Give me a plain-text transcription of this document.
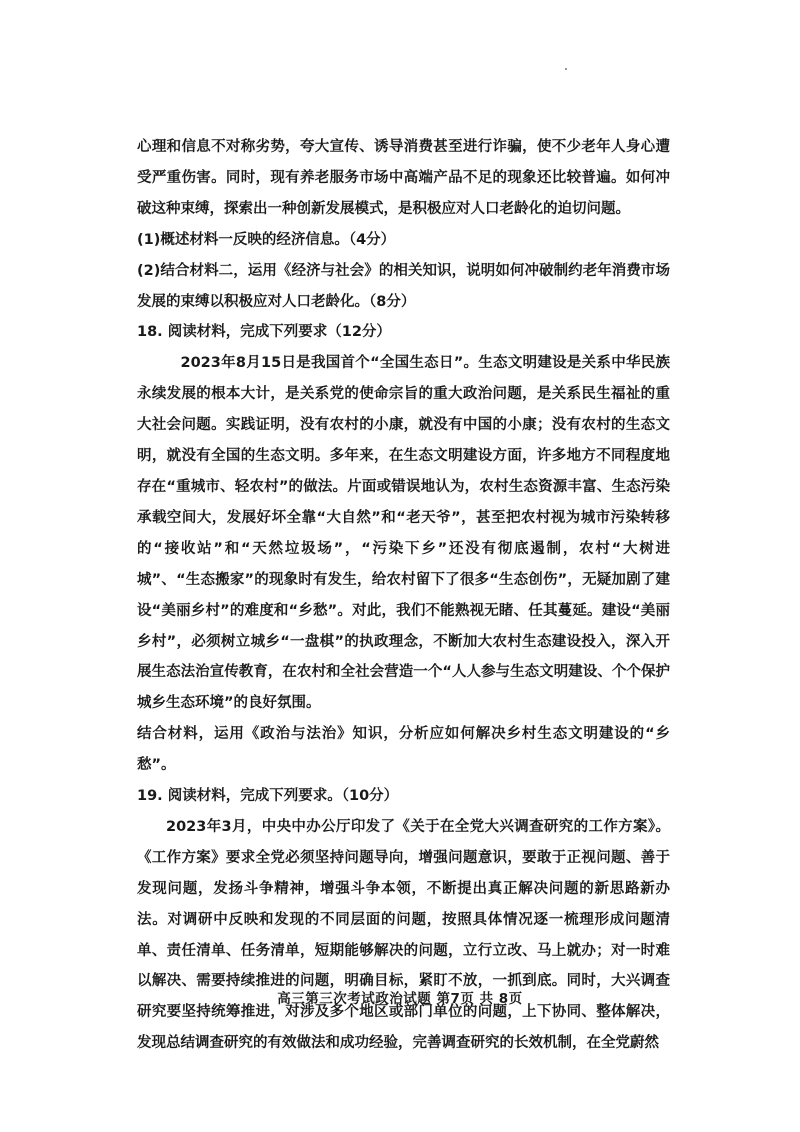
心理和信息不对称劣势，夸大宣传、诱导消费甚至进行诈骗，使不少老年人身心遭受严重伤害。同时，现有养老服务市场中高端产品不足的现象还比较普遍。如何冲破这种束缚，探索出一种创新发展模式，是积极应对人口老龄化的迫切问题。

(1)概述材料一反映的经济信息。（4分）

(2)结合材料二，运用《经济与社会》的相关知识，说明如何冲破制约老年消费市场发展的束缚以积极应对人口老龄化。（8分）

18. 阅读材料，完成下列要求（12分）

2023年8月15日是我国首个“全国生态日”。生态文明建设是关系中华民族永续发展的根本大计，是关系党的使命宗旨的重大政治问题，是关系民生福祉的重大社会问题。实践证明，没有农村的小康，就没有中国的小康；没有农村的生态文明，就没有全国的生态文明。多年来，在生态文明建设方面，许多地方不同程度地存在“重城市、轻农村”的做法。片面或错误地认为，农村生态资源丰富、生态污染承载空间大，发展好坏全靠“大自然”和“老天爷”，甚至把农村视为城市污染转移的“接收站”和“天然垃圾场”，“污染下乡”还没有彻底遏制，农村“大树进城”、“生态搬家”的现象时有发生，给农村留下了很多“生态创伤”，无疑加剧了建设“美丽乡村”的难度和“乡愁”。对此，我们不能熟视无睹、任其蔓延。建设“美丽乡村”，必须树立城乡“一盘棋”的执政理念，不断加大农村生态建设投入，深入开展生态法治宣传教育，在农村和全社会营造一个“人人参与生态文明建设、个个保护城乡生态环境”的良好氛围。

结合材料，运用《政治与法治》知识，分析应如何解决乡村生态文明建设的“乡愁”。

19. 阅读材料，完成下列要求。（10分）

2023年3月，中央中办公厅印发了《关于在全党大兴调查研究的工作方案》。《工作方案》要求全党必须坚持问题导向，增强问题意识，要敢于正视问题、善于发现问题，发扬斗争精神，增强斗争本领，不断提出真正解决问题的新思路新办法。对调研中反映和发现的不同层面的问题，按照具体情况逐一梳理形成问题清单、责任清单、任务清单，短期能够解决的问题，立行立改、马上就办；对一时难以解决、需要持续推进的问题，明确目标，紧盯不放，一抓到底。同时，大兴调查研究要坚持统筹推进，对涉及多个地区或部门单位的问题，上下协同、整体解决，发现总结调查研究的有效做法和成功经验，完善调查研究的长效机制，在全党蔚然

高三第三次考试政治试题 第7页 共 8页
